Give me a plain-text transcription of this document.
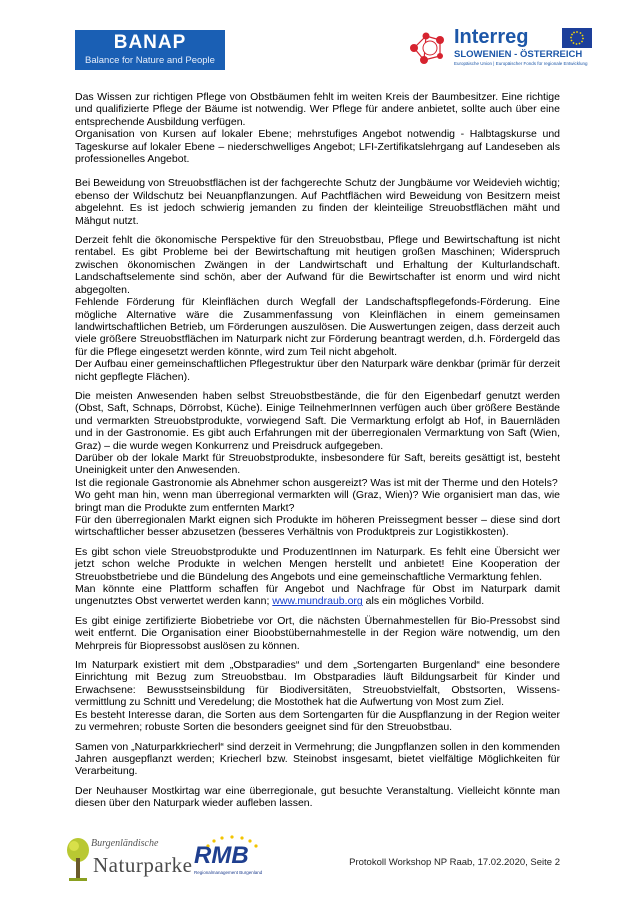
BANAP
Balance for Nature and People
Interreg
SLOWENIEN - ÖSTERREICH
Europäische Union | Europäischer Fonds für regionale Entwicklung

Das Wissen zur richtigen Pflege von Obstbäumen fehlt im weiten Kreis der Baumbesitzer. Eine richtige und qualifizierte Pflege der Bäume ist notwendig. Wer Pflege für andere anbietet, sollte auch über eine entsprechende Ausbildung verfügen.
Organisation von Kursen auf lokaler Ebene; mehrstufiges Angebot notwendig - Halbtagskurse und Tageskurse auf lokaler Ebene – niederschwelliges Angebot; LFI-Zertifikatslehrgang auf Landeseben als professionelles Angebot.

Bei Beweidung von Streuobstflächen ist der fachgerechte Schutz der Jungbäume vor Weidevieh wichtig; ebenso der Wildschutz bei Neuanpflanzungen. Auf Pachtflächen wird Beweidung von Besitzern meist abgelehnt. Es ist jedoch schwierig jemanden zu finden der kleinteilige Streuobstflächen mäht und Mähgut nutzt.

Derzeit fehlt die ökonomische Perspektive für den Streuobstbau, Pflege und Bewirtschaftung ist nicht rentabel. Es gibt Probleme bei der Bewirtschaftung mit heutigen großen Maschinen; Widerspruch zwischen ökonomischen Zwängen in der Landwirtschaft und Erhaltung der Kulturlandschaft. Landschaftselemente sind schön, aber der Aufwand für die Bewirtschafter ist enorm und wird nicht abgegolten.
Fehlende Förderung für Kleinflächen durch Wegfall der Landschaftspflegefonds-Förderung. Eine mögliche Alternative wäre die Zusammenfassung von Kleinflächen in einem gemeinsamen landwirtschaftlichen Betrieb, um Förderungen auszulösen. Die Auswertungen zeigen, dass derzeit auch viele größere Streuobstflächen im Naturpark nicht zur Förderung beantragt werden, d.h. Fördergeld das für die Pflege eingesetzt werden könnte, wird zum Teil nicht abgeholt.
Der Aufbau einer gemeinschaftlichen Pflegestruktur über den Naturpark wäre denkbar (primär für derzeit nicht gepflegte Flächen).

Die meisten Anwesenden haben selbst Streuobstbestände, die für den Eigenbedarf genutzt werden (Obst, Saft, Schnaps, Dörrobst, Küche). Einige TeilnehmerInnen verfügen auch über größere Bestände und vermarkten Streuobstprodukte, vorwiegend Saft. Die Vermarktung erfolgt ab Hof, in Bauernläden und in der Gastronomie. Es gibt auch Erfahrungen mit der überregionalen Vermarktung von Saft (Wien, Graz) – die wurde wegen Konkurrenz und Preisdruck aufgegeben.
Darüber ob der lokale Markt für Streuobstprodukte, insbesondere für Saft, bereits gesättigt ist, besteht Uneinigkeit unter den Anwesenden.
Ist die regionale Gastronomie als Abnehmer schon ausgereizt? Was ist mit der Therme und den Hotels?
Wo geht man hin, wenn man überregional vermarkten will (Graz, Wien)? Wie organisiert man das, wie bringt man die Produkte zum entfernten Markt?
Für den überregionalen Markt eignen sich Produkte im höheren Preissegment besser – diese sind dort wirtschaftlicher besser abzusetzen (besseres Verhältnis von Produktpreis zur Logistikkosten).

Es gibt schon viele Streuobstprodukte und ProduzentInnen im Naturpark. Es fehlt eine Übersicht wer jetzt schon welche Produkte in welchen Mengen herstellt und anbietet! Eine Kooperation der Streuobstbetriebe und die Bündelung des Angebots und eine gemeinschaftliche Vermarktung fehlen.
Man könnte eine Plattform schaffen für Angebot und Nachfrage für Obst im Naturpark damit ungenutztes Obst verwertet werden kann; www.mundraub.org als ein mögliches Vorbild.

Es gibt einige zertifizierte Biobetriebe vor Ort, die nächsten Übernahmestellen für Bio-Pressobst sind weit entfernt. Die Organisation einer Bioobstübernahmestelle in der Region wäre notwendig, um den Mehrpreis für Biopressobst auslösen zu können.

Im Naturpark existiert mit dem „Obstparadies“ und dem „Sortengarten Burgenland“ eine besondere Einrichtung mit Bezug zum Streuobstbau. Im Obstparadies läuft Bildungsarbeit für Kinder und Erwachsene: Bewusstseinsbildung für Biodiversitäten, Streuobstvielfalt, Obstsorten, Wissens-vermittlung zu Schnitt und Veredelung; die Mostothek hat die Aufwertung von Most zum Ziel.
Es besteht Interesse daran, die Sorten aus dem Sortengarten für die Auspflanzung in der Region weiter zu vermehren; robuste Sorten die besonders geeignet sind für den Streuobstbau.

Samen von „Naturparkkriecherl“ sind derzeit in Vermehrung; die Jungpflanzen sollen in den kommenden Jahren ausgepflanzt werden; Kriecherl bzw. Steinobst insgesamt, bietet vielfältige Möglichkeiten für Verarbeitung.

Der Neuhauser Mostkirtag war eine überregionale, gut besuchte Veranstaltung. Vielleicht könnte man diesen über den Naturpark wieder aufleben lassen.

Burgenländische
Naturparke RMB
Regionalmanagement Burgenland
Protokoll Workshop NP Raab, 17.02.2020, Seite 2
